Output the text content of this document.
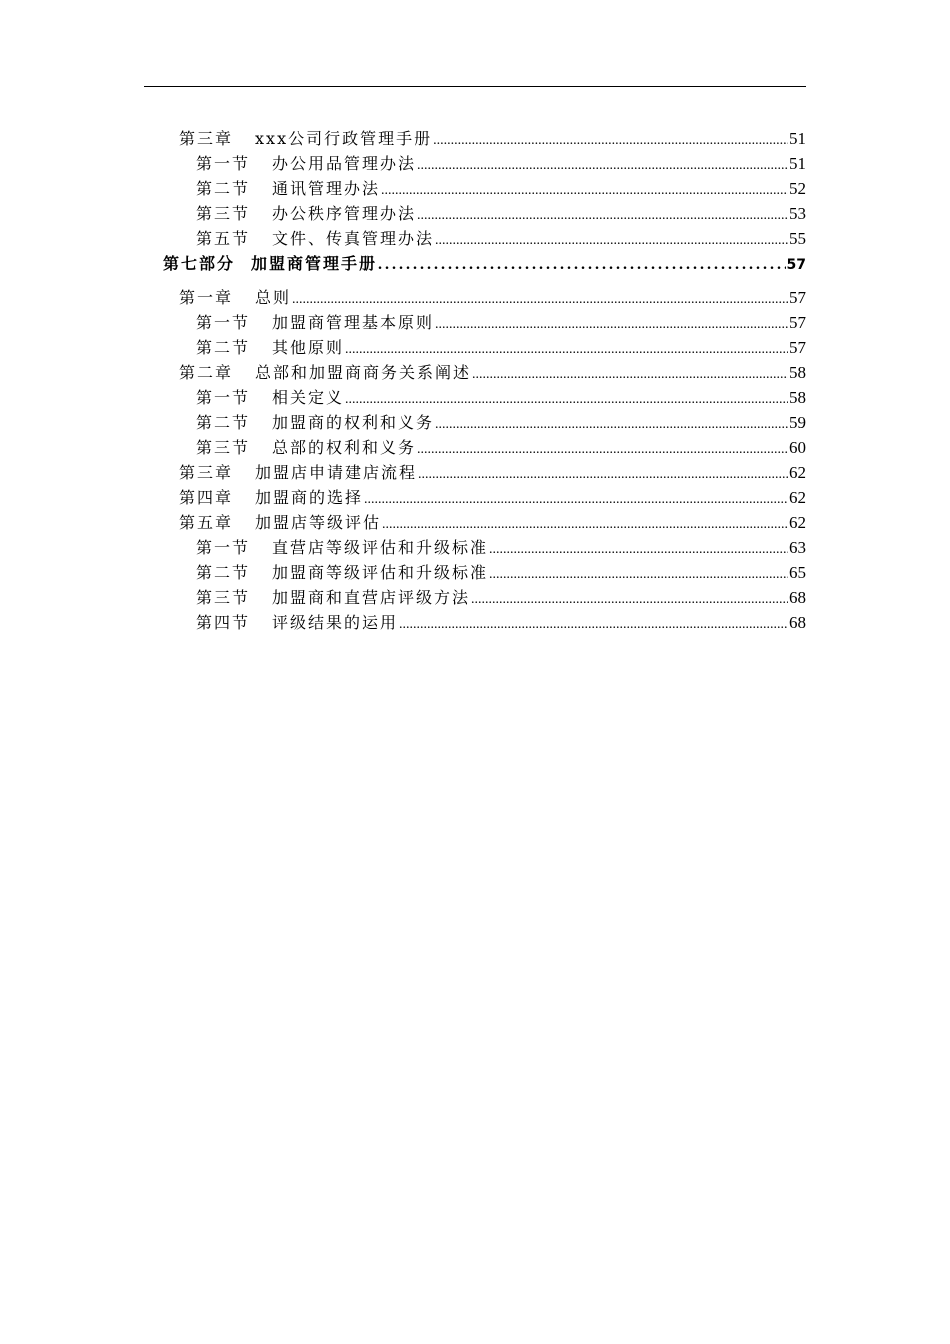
第三章 xxx公司行政管理手册 .....	51
第一节 办公用品管理办法 .....	51
第二节 通讯管理办法 .....	52
第三节 办公秩序管理办法 .....	53
第五节 文件、传真管理办法 .....	55
第七部分 加盟商管理手册 .....	57
第一章 总则 .....	57
第一节 加盟商管理基本原则 .....	57
第二节 其他原则 .....	57
第二章 总部和加盟商商务关系阐述 .....	58
第一节 相关定义 .....	58
第二节 加盟商的权利和义务 .....	59
第三节 总部的权利和义务 .....	60
第三章 加盟店申请建店流程 .....	62
第四章 加盟商的选择 .....	62
第五章 加盟店等级评估 .....	62
第一节 直营店等级评估和升级标准 .....	63
第二节 加盟商等级评估和升级标准 .....	65
第三节 加盟商和直营店评级方法 .....	68
第四节 评级结果的运用 .....	68
